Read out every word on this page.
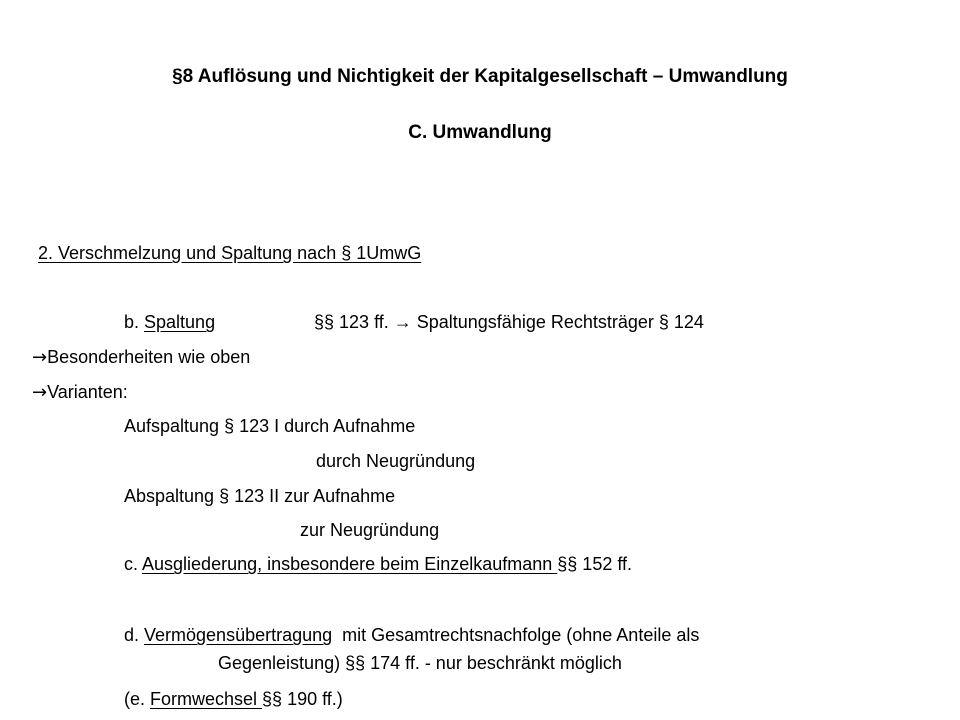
§8 Auflösung und Nichtigkeit der Kapitalgesellschaft – Umwandlung
C. Umwandlung
2. Verschmelzung und Spaltung nach § 1UmwG
b. Spaltung	§§ 123 ff. → Spaltungsfähige Rechtsträger § 124
→Besonderheiten wie oben
→Varianten:
Aufspaltung § 123 I durch Aufnahme
durch Neugründung
Abspaltung § 123 II zur Aufnahme
zur Neugründung
c. Ausgliederung, insbesondere beim Einzelkaufmann §§ 152 ff.
d. Vermögensübertragung  mit Gesamtrechtsnachfolge (ohne Anteile als
Gegenleistung) §§ 174 ff. - nur beschränkt möglich
(e. Formwechsel §§ 190 ff.)
